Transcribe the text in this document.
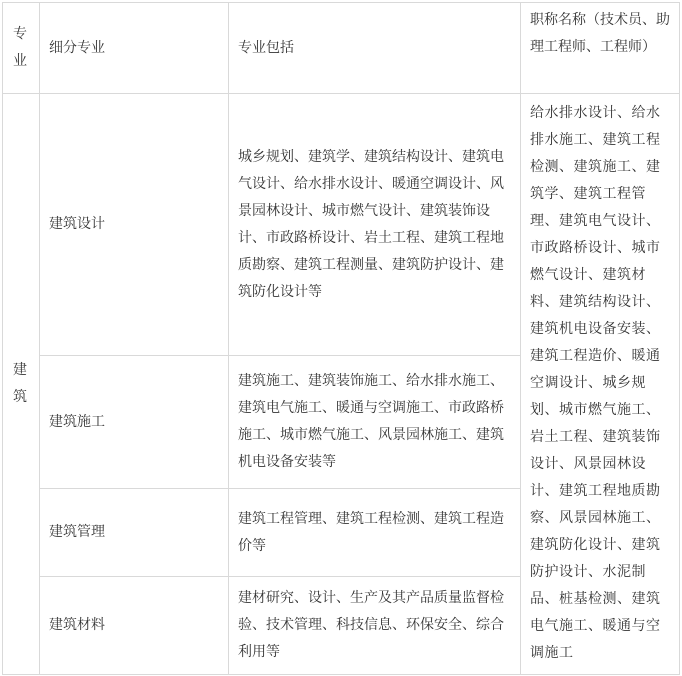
专业	细分专业	专业包括	职称名称（技术员、助理工程师、工程师）

建筑	建筑设计	城乡规划、建筑学、建筑结构设计、建筑电气设计、给水排水设计、暖通空调设计、风景园林设计、城市燃气设计、建筑装饰设计、市政路桥设计、岩土工程、建筑工程地质勘察、建筑工程测量、建筑防护设计、建筑防化设计等	给水排水设计、给水排水施工、建筑工程检测、建筑施工、建筑学、建筑工程管理、建筑电气设计、市政路桥设计、城市燃气设计、建筑材料、建筑结构设计、建筑机电设备安装、建筑工程造价、暖通空调设计、城乡规划、城市燃气施工、岩土工程、建筑装饰设计、风景园林设计、建筑工程地质勘察、风景园林施工、建筑防化设计、建筑防护设计、水泥制品、桩基检测、建筑电气施工、暖通与空调施工
	建筑施工	建筑施工、建筑装饰施工、给水排水施工、建筑电气施工、暖通与空调施工、市政路桥施工、城市燃气施工、风景园林施工、建筑机电设备安装等	
	建筑管理	建筑工程管理、建筑工程检测、建筑工程造价等	
	建筑材料	建材研究、设计、生产及其产品质量监督检验、技术管理、科技信息、环保安全、综合利用等	
